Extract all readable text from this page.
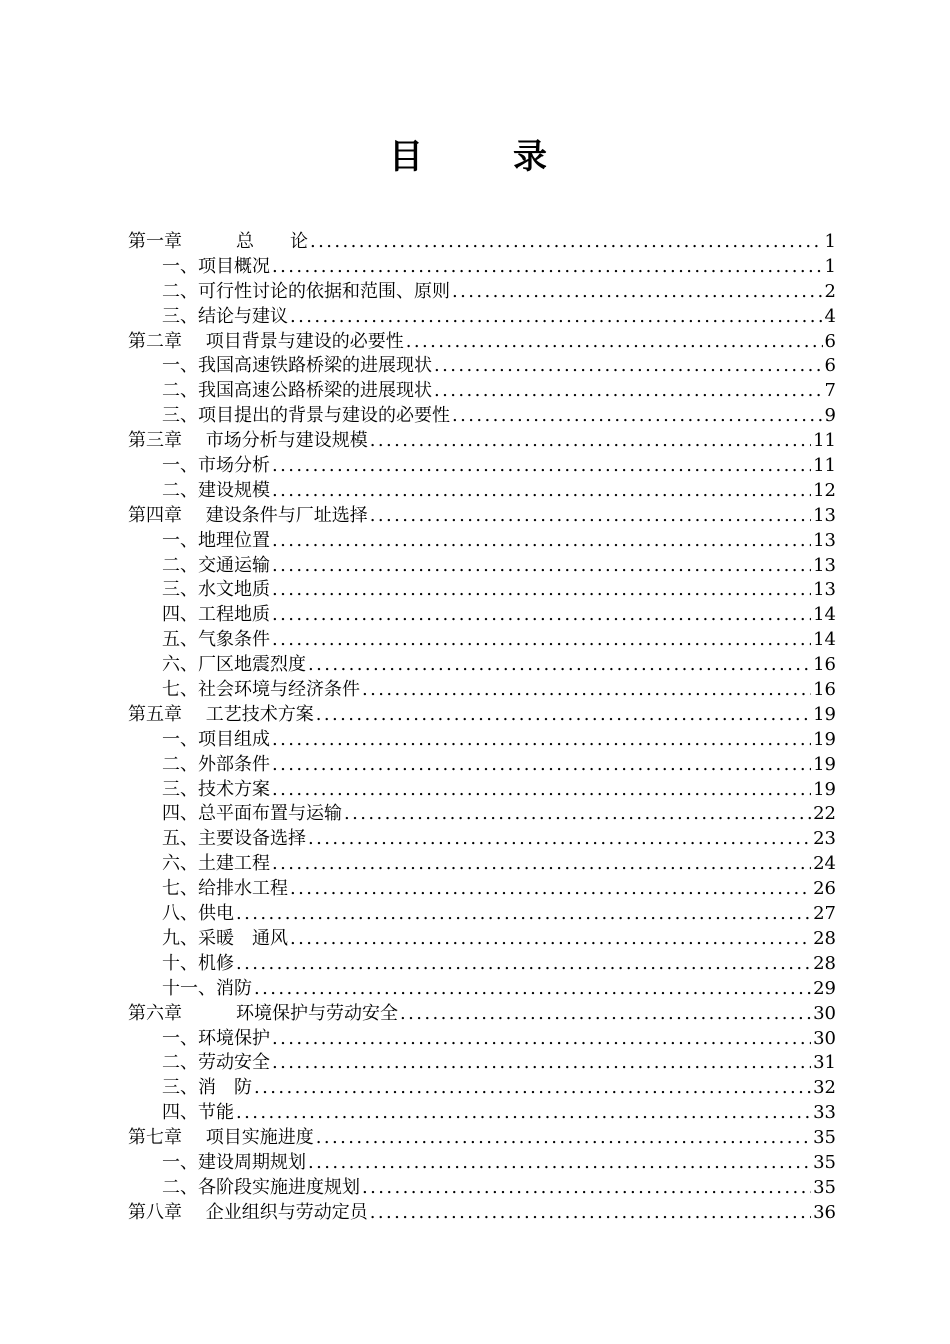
目　录
第一章　　　总　　论 .....	1
一、项目概况 .....	1
二、可行性讨论的依据和范围、原则 .....	2
三、结论与建议 .....	4
第二章　 项目背景与建设的必要性 .....	6
一、我国高速铁路桥梁的进展现状 .....	6
二、我国高速公路桥梁的进展现状 .....	7
三、项目提出的背景与建设的必要性 .....	9
第三章　 市场分析与建设规模 .....	11
一、市场分析 .....	11
二、建设规模 .....	12
第四章　 建设条件与厂址选择 .....	13
一、地理位置 .....	13
二、交通运输 .....	13
三、水文地质 .....	13
四、工程地质 .....	14
五、气象条件 .....	14
六、厂区地震烈度 .....	16
七、社会环境与经济条件 .....	16
第五章　 工艺技术方案 .....	19
一、项目组成 .....	19
二、外部条件 .....	19
三、技术方案 .....	19
四、总平面布置与运输 .....	22
五、主要设备选择 .....	23
六、土建工程 .....	24
七、给排水工程 .....	26
八、供电 .....	27
九、采暖　通风 .....	28
十、机修 .....	28
十一、消防 .....	29
第六章　　　环境保护与劳动安全 .....	30
一、环境保护 .....	30
二、劳动安全 .....	31
三、消　防 .....	32
四、节能 .....	33
第七章　 项目实施进度 .....	35
一、建设周期规划 .....	35
二、各阶段实施进度规划 .....	35
第八章　 企业组织与劳动定员 .....	36
